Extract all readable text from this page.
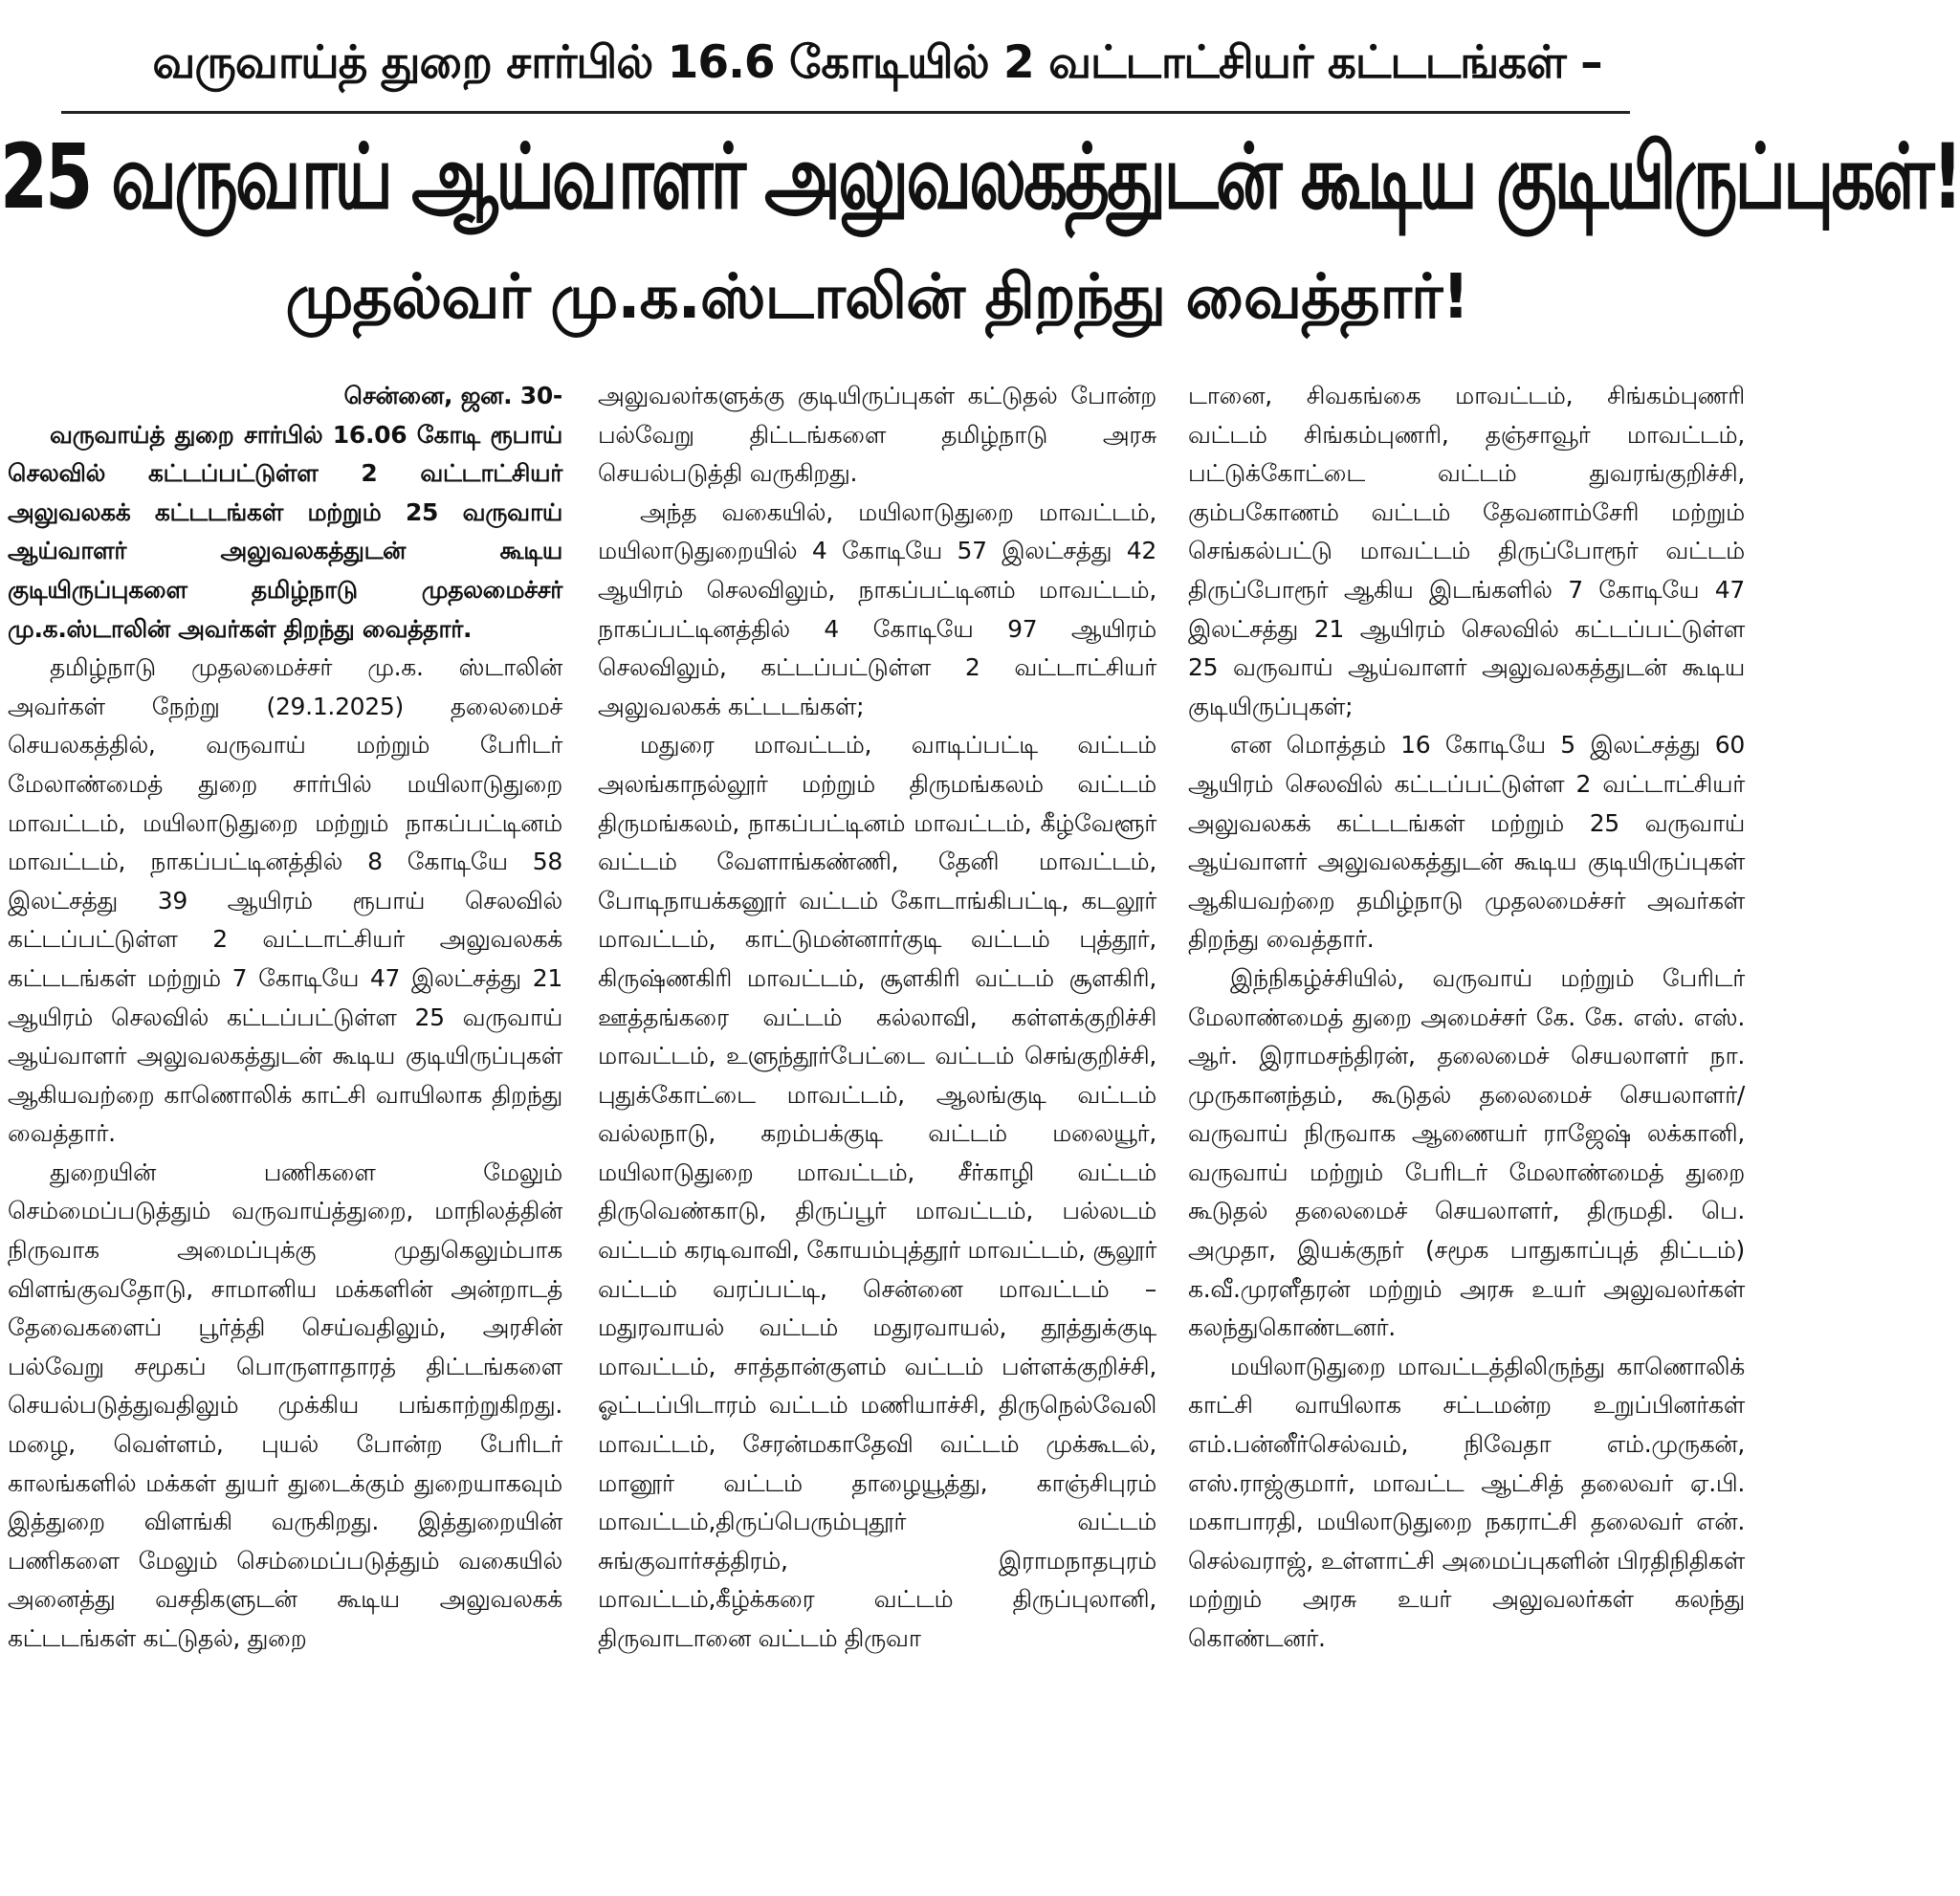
வருவாய்த் துறை சார்பில் 16.6 கோடியில் 2 வட்டாட்சியர் கட்டடங்கள் –
25 வருவாய் ஆய்வாளர் அலுவலகத்துடன் கூடிய குடியிருப்புகள்!
முதல்வர் மு.க.ஸ்டாலின் திறந்து வைத்தார்!

சென்னை, ஜன. 30-

வருவாய்த் துறை சார்பில் 16.06 கோடி ரூபாய் செலவில் கட்டப்பட்டுள்ள 2 வட்டாட்சியர் அலுவலகக் கட்டடங்கள் மற்றும் 25 வருவாய் ஆய்வாளர் அலுவலகத்துடன் கூடிய குடியிருப்புகளை தமிழ்நாடு முதலமைச்சர் மு.க.ஸ்டாலின் அவர்கள் திறந்து வைத்தார்.

தமிழ்நாடு முதலமைச்சர் மு.க. ஸ்டாலின் அவர்கள் நேற்று (29.1.2025) தலைமைச் செயலகத்தில், வருவாய் மற்றும் பேரிடர் மேலாண்மைத் துறை சார்பில் மயிலாடுதுறை மாவட்டம், மயிலாடுதுறை மற்றும் நாகப்பட்டினம் மாவட்டம், நாகப்பட்டினத்தில் 8 கோடியே 58 இலட்சத்து 39 ஆயிரம் ரூபாய் செலவில் கட்டப்பட்டுள்ள 2 வட்டாட்சியர் அலுவலகக் கட்டடங்கள் மற்றும் 7 கோடியே 47 இலட்சத்து 21 ஆயிரம் செலவில் கட்டப்பட்டுள்ள 25 வருவாய் ஆய்வாளர் அலுவலகத்துடன் கூடிய குடியிருப்புகள் ஆகியவற்றை காணொலிக் காட்சி வாயிலாக திறந்து வைத்தார்.

துறையின் பணிகளை மேலும் செம்மைப்படுத்தும் வருவாய்த்துறை, மாநிலத்தின் நிருவாக அமைப்புக்கு முதுகெலும்பாக விளங்குவதோடு, சாமானிய மக்களின் அன்றாடத் தேவைகளைப் பூர்த்தி செய்வதிலும், அரசின் பல்வேறு சமூகப் பொருளாதாரத் திட்டங்களை செயல்படுத்துவதிலும் முக்கிய பங்காற்றுகிறது. மழை, வெள்ளம், புயல் போன்ற பேரிடர் காலங்களில் மக்கள் துயர் துடைக்கும் துறையாகவும் இத்துறை விளங்கி வருகிறது. இத்துறையின் பணிகளை மேலும் செம்மைப்படுத்தும் வகையில் அனைத்து வசதிகளுடன் கூடிய அலுவலகக் கட்டடங்கள் கட்டுதல், துறை

அலுவலர்களுக்கு குடியிருப்புகள் கட்டுதல் போன்ற பல்வேறு திட்டங்களை தமிழ்நாடு அரசு செயல்படுத்தி வருகிறது.

அந்த வகையில், மயிலாடுதுறை மாவட்டம், மயிலாடுதுறையில் 4 கோடியே 57 இலட்சத்து 42 ஆயிரம் செலவிலும், நாகப்பட்டினம் மாவட்டம், நாகப்பட்டினத்தில் 4 கோடியே 97 ஆயிரம் செலவிலும், கட்டப்பட்டுள்ள 2 வட்டாட்சியர் அலுவலகக் கட்டடங்கள்;

மதுரை மாவட்டம், வாடிப்பட்டி வட்டம் அலங்காநல்லூர் மற்றும் திருமங்கலம் வட்டம் திருமங்கலம், நாகப்பட்டினம் மாவட்டம், கீழ்வேளூர் வட்டம் வேளாங்கண்ணி, தேனி மாவட்டம், போடிநாயக்கனூர் வட்டம் கோடாங்கிபட்டி, கடலூர் மாவட்டம், காட்டுமன்னார்குடி வட்டம் புத்தூர், கிருஷ்ணகிரி மாவட்டம், சூளகிரி வட்டம் சூளகிரி, ஊத்தங்கரை வட்டம் கல்லாவி, கள்ளக்குறிச்சி மாவட்டம், உளுந்தூர்பேட்டை வட்டம் செங்குறிச்சி, புதுக்கோட்டை மாவட்டம், ஆலங்குடி வட்டம் வல்லநாடு, கறம்பக்குடி வட்டம் மலையூர், மயிலாடுதுறை மாவட்டம், சீர்காழி வட்டம் திருவெண்காடு, திருப்பூர் மாவட்டம், பல்லடம் வட்டம் கரடிவாவி, கோயம்புத்தூர் மாவட்டம், சூலூர் வட்டம் வரப்பட்டி, சென்னை மாவட்டம் – மதுரவாயல் வட்டம் மதுரவாயல், தூத்துக்குடி மாவட்டம், சாத்தான்குளம் வட்டம் பள்ளக்குறிச்சி, ஓட்டப்பிடாரம் வட்டம் மணியாச்சி, திருநெல்வேலி மாவட்டம், சேரன்மகாதேவி வட்டம் முக்கூடல், மானூர் வட்டம் தாழையூத்து, காஞ்சிபுரம் மாவட்டம்,திருப்பெரும்புதூர் வட்டம் சுங்குவார்சத்திரம், இராமநாதபுரம் மாவட்டம்,கீழ்க்கரை வட்டம் திருப்புலானி, திருவாடானை வட்டம் திருவா

டானை, சிவகங்கை மாவட்டம், சிங்கம்புணரி வட்டம் சிங்கம்புணரி, தஞ்சாவூர் மாவட்டம், பட்டுக்கோட்டை வட்டம் துவரங்குறிச்சி, கும்பகோணம் வட்டம் தேவனாம்சேரி மற்றும் செங்கல்பட்டு மாவட்டம் திருப்போரூர் வட்டம் திருப்போரூர் ஆகிய இடங்களில் 7 கோடியே 47 இலட்சத்து 21 ஆயிரம் செலவில் கட்டப்பட்டுள்ள 25 வருவாய் ஆய்வாளர் அலுவலகத்துடன் கூடிய குடியிருப்புகள்;

என மொத்தம் 16 கோடியே 5 இலட்சத்து 60 ஆயிரம் செலவில் கட்டப்பட்டுள்ள 2 வட்டாட்சியர் அலுவலகக் கட்டடங்கள் மற்றும் 25 வருவாய் ஆய்வாளர் அலுவலகத்துடன் கூடிய குடியிருப்புகள் ஆகியவற்றை தமிழ்நாடு முதலமைச்சர் அவர்கள் திறந்து வைத்தார்.

இந்நிகழ்ச்சியில், வருவாய் மற்றும் பேரிடர் மேலாண்மைத் துறை அமைச்சர் கே. கே. எஸ். எஸ். ஆர். இராமசந்திரன், தலைமைச் செயலாளர் நா. முருகானந்தம், கூடுதல் தலைமைச் செயலாளர்/வருவாய் நிருவாக ஆணையர் ராஜேஷ் லக்கானி, வருவாய் மற்றும் பேரிடர் மேலாண்மைத் துறை கூடுதல் தலைமைச் செயலாளர், திருமதி. பெ. அமுதா, இயக்குநர் (சமூக பாதுகாப்புத் திட்டம்) க.வீ.முரளீதரன் மற்றும் அரசு உயர் அலுவலர்கள் கலந்துகொண்டனர்.

மயிலாடுதுறை மாவட்டத்திலிருந்து காணொலிக் காட்சி வாயிலாக சட்டமன்ற உறுப்பினர்கள் எம்.பன்னீர்செல்வம், நிவேதா எம்.முருகன், எஸ்.ராஜ்குமார், மாவட்ட ஆட்சித் தலைவர் ஏ.பி. மகாபாரதி, மயிலாடுதுறை நகராட்சி தலைவர் என். செல்வராஜ், உள்ளாட்சி அமைப்புகளின் பிரதிநிதிகள் மற்றும் அரசு உயர் அலுவலர்கள் கலந்து கொண்டனர்.
